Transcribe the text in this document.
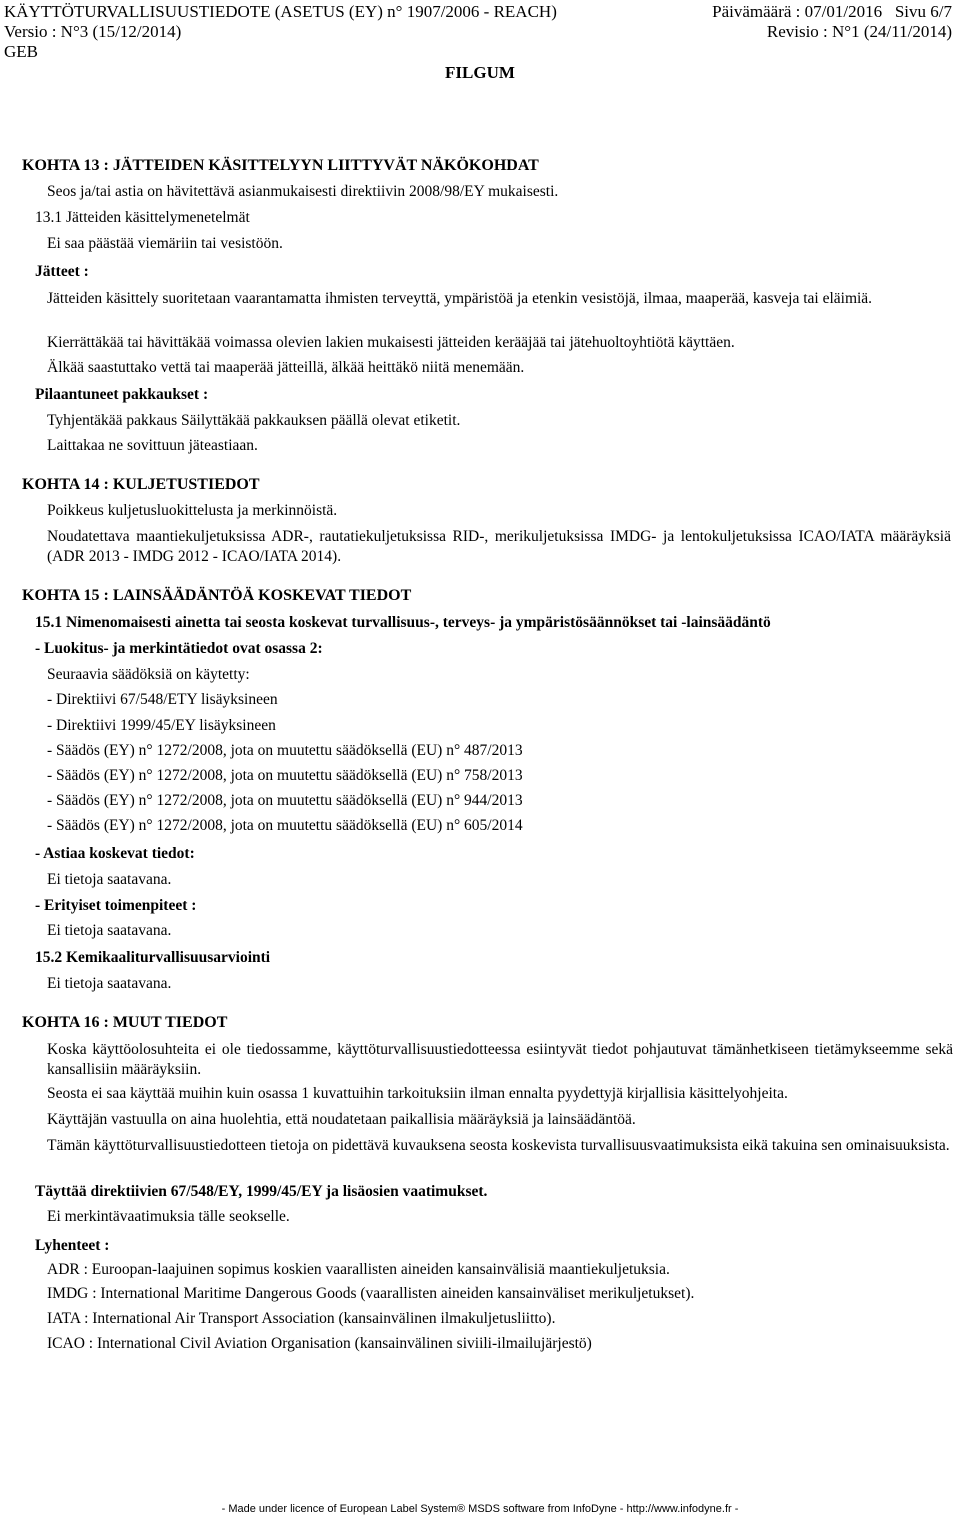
KÄYTTÖTURVALLISUUSTIEDOTE (ASETUS (EY) n° 1907/2006 - REACH)
Versio : N°3 (15/12/2014)
GEB
Päivämäärä : 07/01/2016   Sivu 6/7
Revisio : N°1 (24/11/2014)
FILGUM
KOHTA 13 : JÄTTEIDEN KÄSITTELYYN LIITTYVÄT NÄKÖKOHDAT
Seos ja/tai astia on hävitettävä asianmukaisesti direktiivin 2008/98/EY mukaisesti.
13.1 Jätteiden käsittelymenetelmät
Ei saa päästää viemäriin tai vesistöön.
Jätteet :
Jätteiden käsittely suoritetaan vaarantamatta ihmisten terveyttä, ympäristöä ja etenkin vesistöjä, ilmaa, maaperää, kasveja tai eläimiä.
Kierrättäkää tai hävittäkää voimassa olevien lakien mukaisesti jätteiden kerääjää tai jätehuoltoyhtiötä käyttäen.
Älkää saastuttako vettä tai maaperää jätteillä, älkää heittäkö niitä menemään.
Pilaantuneet pakkaukset :
Tyhjentäkää pakkaus Säilyttäkää pakkauksen päällä olevat etiketit.
Laittakaa ne sovittuun jäteastiaan.
KOHTA 14 : KULJETUSTIEDOT
Poikkeus kuljetusluokittelusta ja merkinnöistä.
Noudatettava maantiekuljetuksissa ADR-, rautatiekuljetuksissa RID-, merikuljetuksissa IMDG- ja lentokuljetuksissa ICAO/IATA määräyksiä (ADR 2013 - IMDG 2012 - ICAO/IATA 2014).
KOHTA 15 : LAINSÄÄDÄNTÖÄ KOSKEVAT TIEDOT
15.1 Nimenomaisesti ainetta tai seosta koskevat turvallisuus-, terveys- ja ympäristösäännökset tai -lainsäädäntö
- Luokitus- ja merkintätiedot ovat osassa 2:
Seuraavia säädöksiä on käytetty:
- Direktiivi 67/548/ETY lisäyksineen
- Direktiivi 1999/45/EY lisäyksineen
- Säädös (EY) n° 1272/2008, jota on muutettu säädöksellä (EU) n° 487/2013
- Säädös (EY) n° 1272/2008, jota on muutettu säädöksellä (EU) n° 758/2013
- Säädös (EY) n° 1272/2008, jota on muutettu säädöksellä (EU) n° 944/2013
- Säädös (EY) n° 1272/2008, jota on muutettu säädöksellä (EU) n° 605/2014
- Astiaa koskevat tiedot:
Ei tietoja saatavana.
- Erityiset toimenpiteet :
Ei tietoja saatavana.
15.2 Kemikaaliturvallisuusarviointi
Ei tietoja saatavana.
KOHTA 16 : MUUT TIEDOT
Koska käyttöolosuhteita ei ole tiedossamme, käyttöturvallisuustiedotteessa esiintyvät tiedot pohjautuvat tämänhetkiseen tietämykseemme sekä kansallisiin määräyksiin.
Seosta ei saa käyttää muihin kuin osassa 1 kuvattuihin tarkoituksiin ilman ennalta pyydettyjä kirjallisia käsittelyohjeita.
Käyttäjän vastuulla on aina huolehtia, että noudatetaan paikallisia määräyksiä ja lainsäädäntöä.
Tämän käyttöturvallisuustiedotteen tietoja on pidettävä kuvauksena seosta koskevista turvallisuusvaatimuksista eikä takuina sen ominaisuuksista.
Täyttää direktiivien 67/548/EY, 1999/45/EY ja lisäosien vaatimukset.
Ei merkintävaatimuksia tälle seokselle.
Lyhenteet :
ADR : Euroopan-laajuinen sopimus koskien vaarallisten aineiden kansainvälisiä maantiekuljetuksia.
IMDG : International Maritime Dangerous Goods (vaarallisten aineiden kansainväliset merikuljetukset).
IATA : International Air Transport Association (kansainvälinen ilmakuljetusliitto).
ICAO : International Civil Aviation Organisation (kansainvälinen siviili-ilmailujärjestö)
- Made under licence of European Label System® MSDS software from InfoDyne - http://www.infodyne.fr -
